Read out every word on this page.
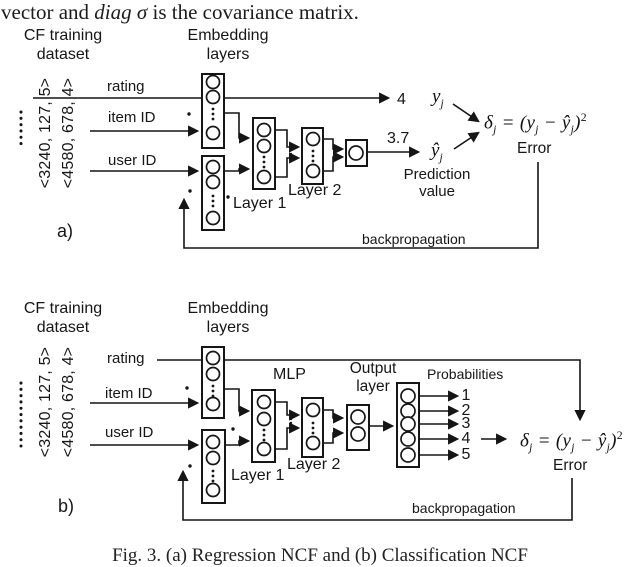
vector and diag σ is the covariance matrix.
CF training
dataset
Embedding
layers
<3240, 127, 5> <4580, 678, 4> rating
item ID
user ID
Layer 1
Layer 2
4
3.7
$y_j$
$ŷ_j$
$\delta_j = (y_j$ − $ŷ_j)^2$
Error
Prediction
value
backpropagation
a)
CF training
dataset
Embedding
layers
<3240, 127, 5> <4580, 678, 4> rating
item ID
user ID
MLP
Layer 1
Layer 2
Output
layer
Probabilities
1
2
3
4
5
$\delta_j = (y_j$ − $ŷ_j)^2$
Error
backpropagation
b)
Fig. 3. (a) Regression NCF and (b) Classification NCF
